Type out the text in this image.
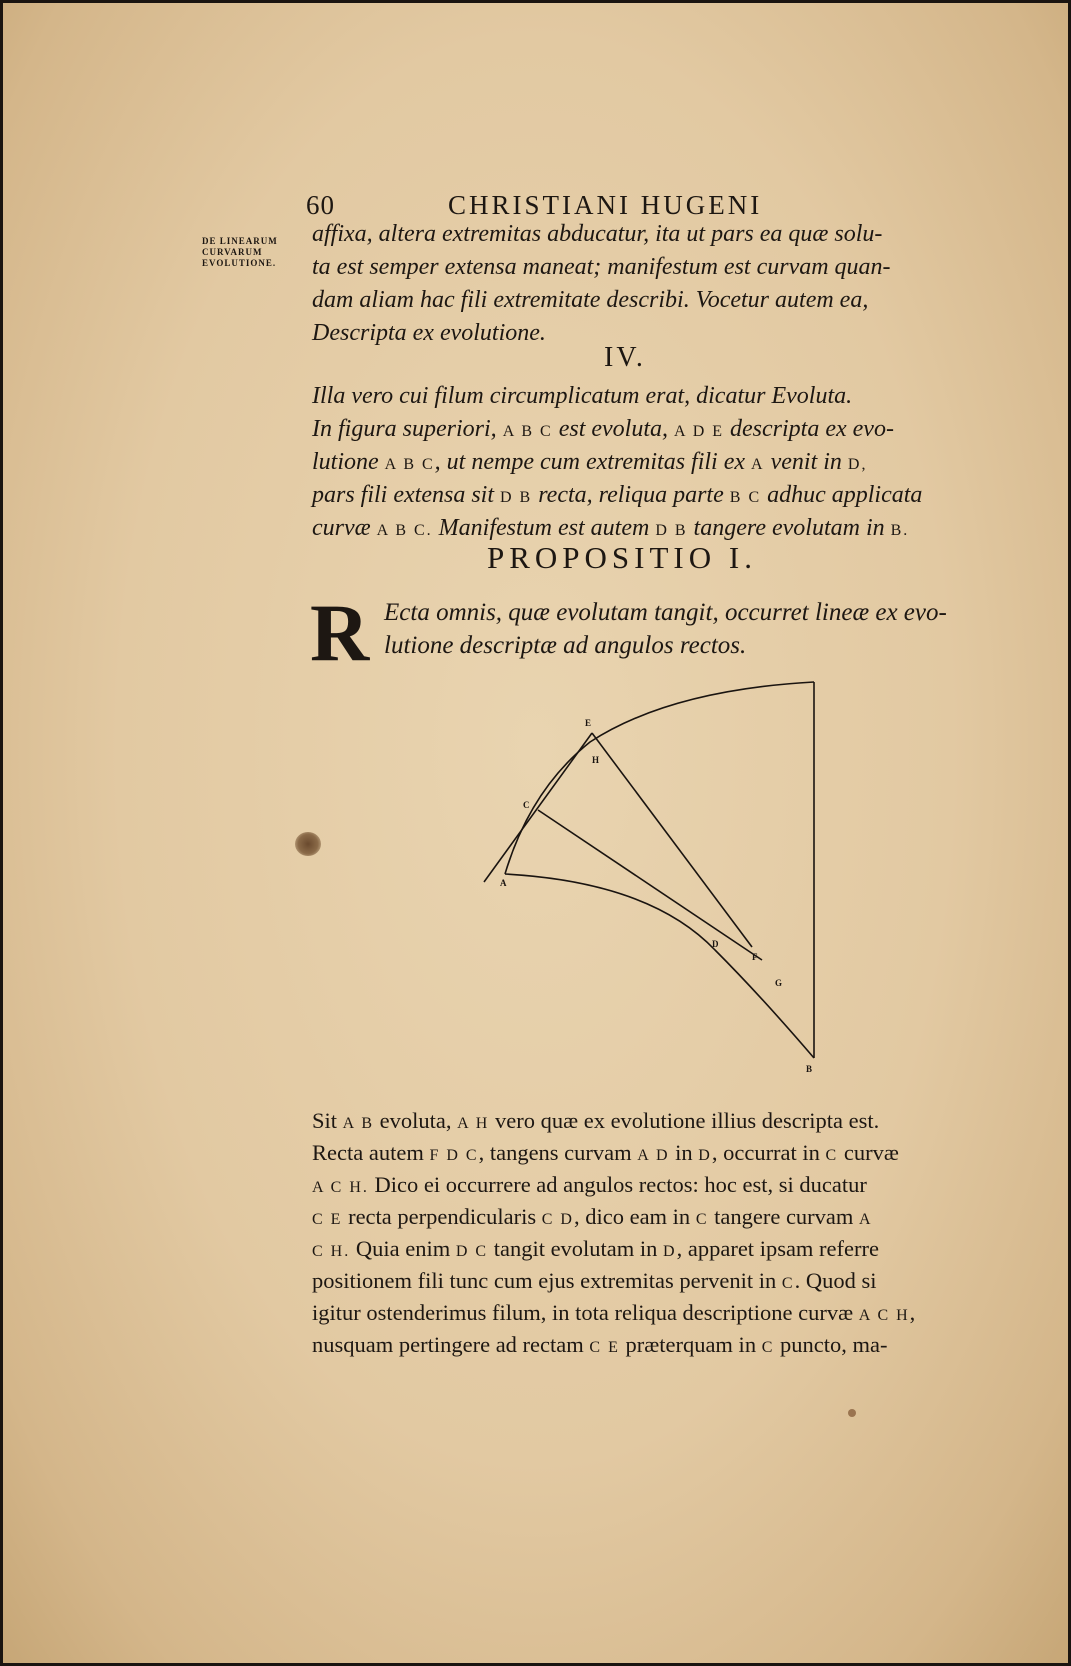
60	CHRISTIANI HUGENI
DE LINEARUM
CURVARUM
EVOLUTIONE.
affixa, altera extremitas abducatur, ita ut pars ea quæ solu-
ta est semper extensa maneat; manifestum est curvam quan-
dam aliam hac fili extremitate describi. Vocetur autem ea,
Descripta ex evolutione.
IV.
Illa vero cui filum circumplicatum erat, dicatur Evoluta.
In figura superiori, A B C est evoluta, A D E descripta ex evo-
lutione A B C, ut nempe cum extremitas fili ex A venit in D,
pars fili extensa sit D B recta, reliqua parte B C adhuc applicata
curvæ A B C. Manifestum est autem D B tangere evolutam in B.
PROPOSITIO I.
R Ecta omnis, quæ evolutam tangit, occurret lineæ ex evo-
lutione descriptæ ad angulos rectos.
E
H
C
A
D
F
G
B
Sit A B evoluta, A H vero quæ ex evolutione illius descripta est.
Recta autem F D C, tangens curvam A D in D, occurrat in C curvæ
A C H. Dico ei occurrere ad angulos rectos: hoc est, si ducatur
C E recta perpendicularis C D, dico eam in C tangere curvam A
C H. Quia enim D C tangit evolutam in D, apparet ipsam referre
positionem fili tunc cum ejus extremitas pervenit in C. Quod si
igitur ostenderimus filum, in tota reliqua descriptione curvæ A C H,
nusquam pertingere ad rectam C E præterquam in C puncto, ma-
